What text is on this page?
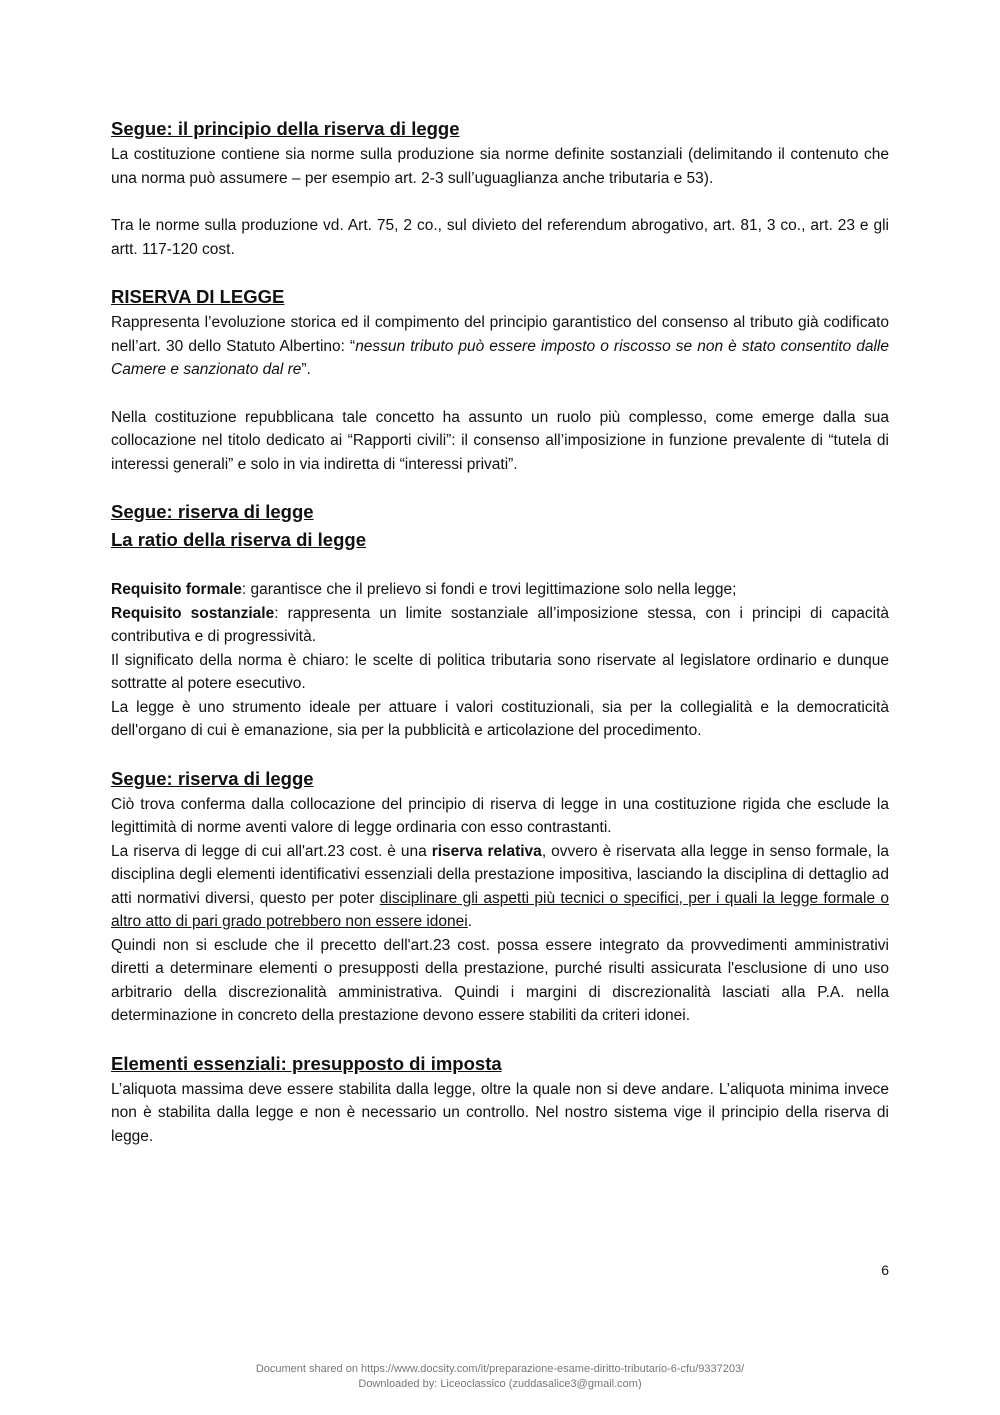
Segue: il principio della riserva di legge

La costituzione contiene sia norme sulla produzione sia norme definite sostanziali (delimitando il contenuto che una norma può assumere – per esempio art. 2-3 sull’uguaglianza anche tributaria e 53).

Tra le norme sulla produzione vd. Art. 75, 2 co., sul divieto del referendum abrogativo, art. 81, 3 co., art. 23 e gli artt. 117-120 cost.

RISERVA DI LEGGE

Rappresenta l’evoluzione storica ed il compimento del principio garantistico del consenso al tributo già codificato nell’art. 30 dello Statuto Albertino: “nessun tributo può essere imposto o riscosso se non è stato consentito dalle Camere e sanzionato dal re”.

Nella costituzione repubblicana tale concetto ha assunto un ruolo più complesso, come emerge dalla sua collocazione nel titolo dedicato ai “Rapporti civili”: il consenso all’imposizione in funzione prevalente di “tutela di interessi generali” e solo in via indiretta di “interessi privati”.

Segue: riserva di legge
La ratio della riserva di legge

Requisito formale: garantisce che il prelievo si fondi e trovi legittimazione solo nella legge;

Requisito sostanziale: rappresenta un limite sostanziale all’imposizione stessa, con i principi di capacità contributiva e di progressività.

Il significato della norma è chiaro: le scelte di politica tributaria sono riservate al legislatore ordinario e dunque sottratte al potere esecutivo.

La legge è uno strumento ideale per attuare i valori costituzionali, sia per la collegialità e la democraticità dell'organo di cui è emanazione, sia per la pubblicità e articolazione del procedimento.

Segue: riserva di legge

Ciò trova conferma dalla collocazione del principio di riserva di legge in una costituzione rigida che esclude la legittimità di norme aventi valore di legge ordinaria con esso contrastanti.

La riserva di legge di cui all'art.23 cost. è una riserva relativa, ovvero è riservata alla legge in senso formale, la disciplina degli elementi identificativi essenziali della prestazione impositiva, lasciando la disciplina di dettaglio ad atti normativi diversi, questo per poter disciplinare gli aspetti più tecnici o specifici, per i quali la legge formale o altro atto di pari grado potrebbero non essere idonei.

Quindi non si esclude che il precetto dell'art.23 cost. possa essere integrato da provvedimenti amministrativi diretti a determinare elementi o presupposti della prestazione, purché risulti assicurata l'esclusione di uno uso arbitrario della discrezionalità amministrativa. Quindi i margini di discrezionalità lasciati alla P.A. nella determinazione in concreto della prestazione devono essere stabiliti da criteri idonei.

Elementi essenziali: presupposto di imposta

L’aliquota massima deve essere stabilita dalla legge, oltre la quale non si deve andare. L’aliquota minima invece non è stabilita dalla legge e non è necessario un controllo. Nel nostro sistema vige il principio della riserva di legge.

6
Document shared on https://www.docsity.com/it/preparazione-esame-diritto-tributario-6-cfu/9337203/
Downloaded by: Liceoclassico (zuddasalice3@gmail.com)
